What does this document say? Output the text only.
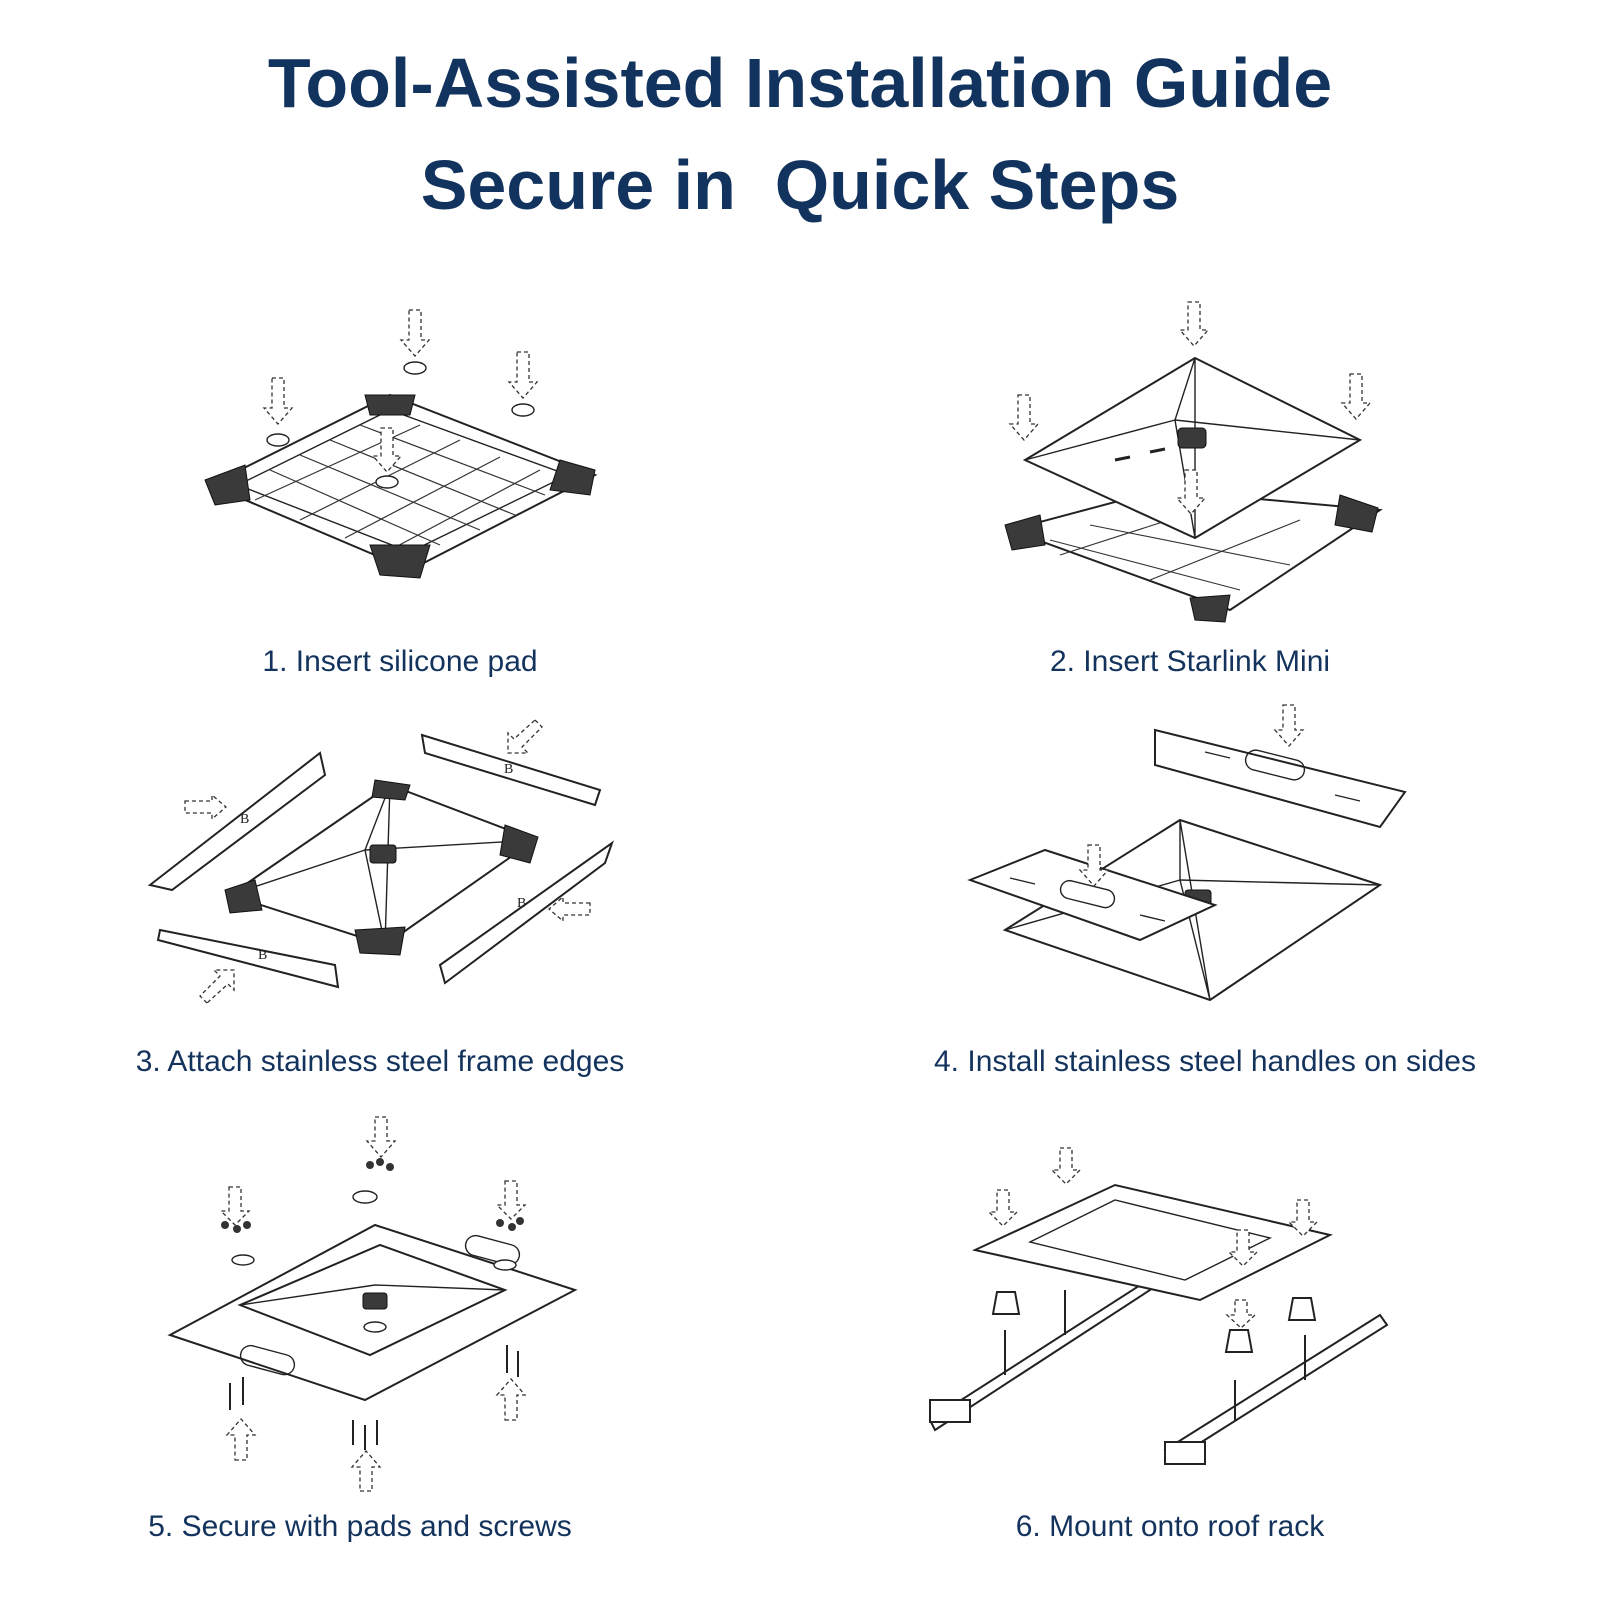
Tool-Assisted Installation Guide
Secure in  Quick Steps
1. Insert silicone pad	2. Insert Starlink Mini
B
B
B
B
3. Attach stainless steel frame edges	4. Install stainless steel handles on sides
5. Secure with pads and screws	6. Mount onto roof rack
